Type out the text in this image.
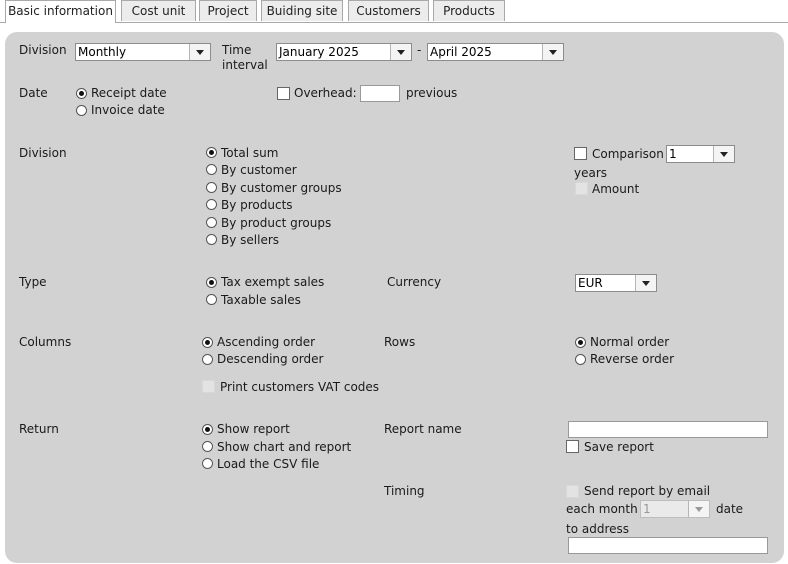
Basic information	Cost unit	Project	Buiding site	Customers	Products
Division Monthly	Time interval
January 2025	- April 2025
Date	Receipt date
Invoice date
Overhead:	previous
Division	Total sum
By customer
By customer groups
By products
By product groups
By sellers
Comparison 1
years
Amount
Type	Tax exempt sales
Taxable sales
Currency	EUR
Columns	Ascending order
Descending order
Print customers VAT codes
Rows	Normal order
Reverse order
Return	Show report
Show chart and report
Load the CSV file
Report name
Save report
Timing	Send report by email
each month 1	date
to address
